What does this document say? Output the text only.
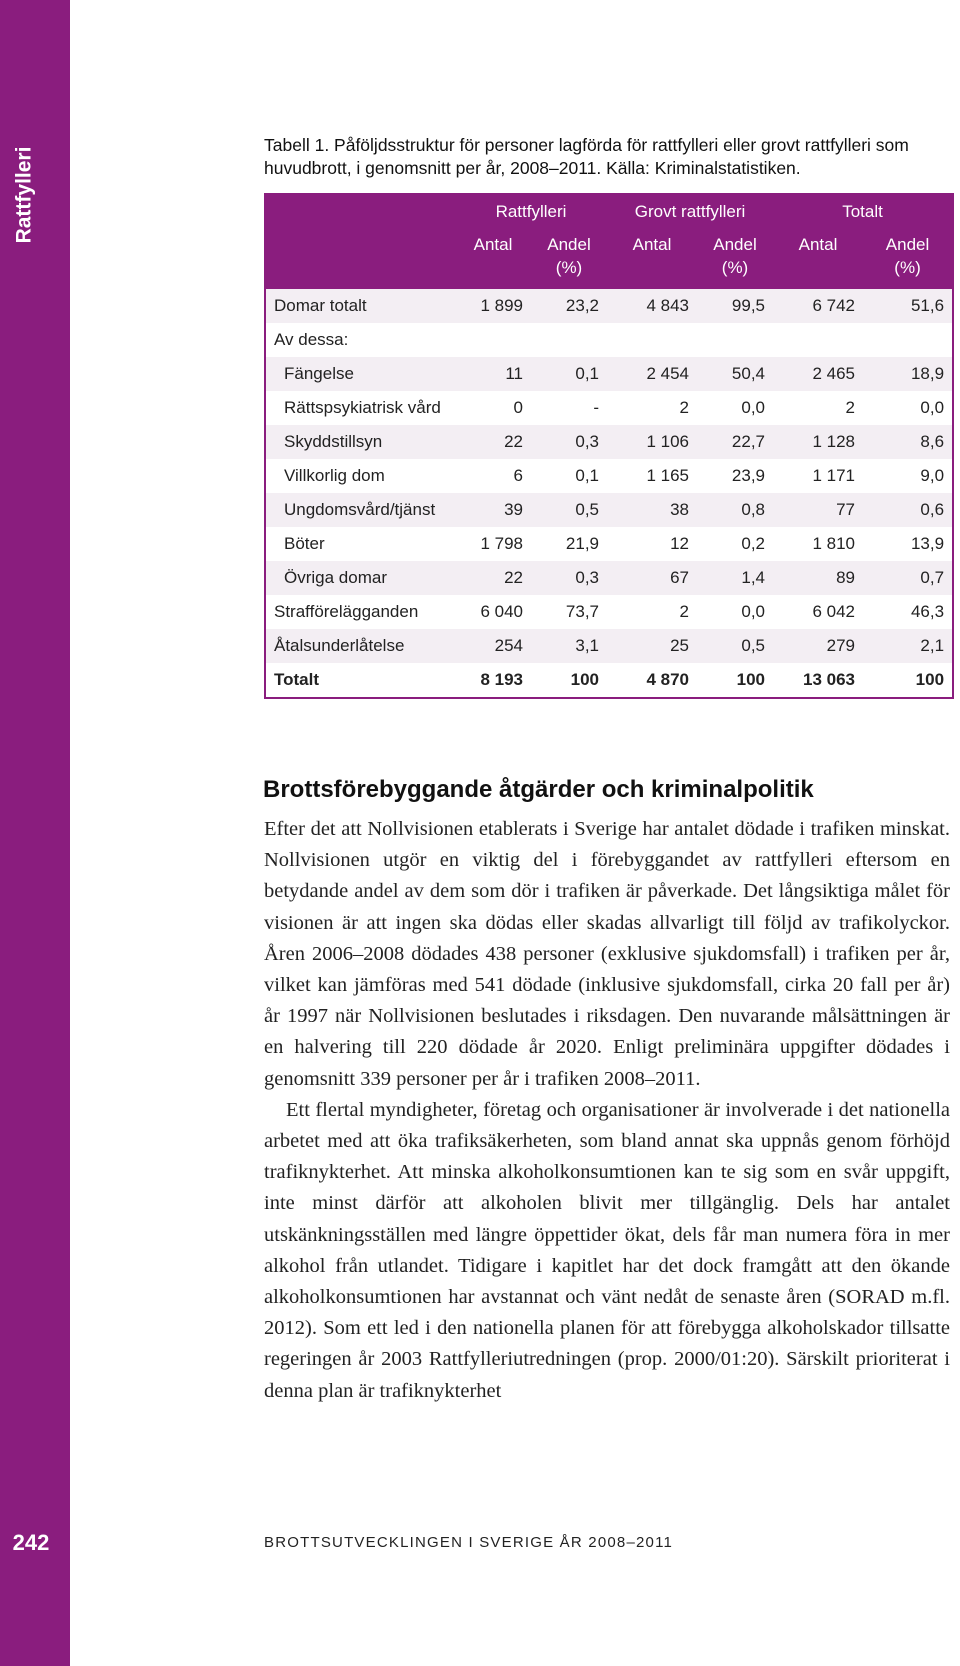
Rattfylleri
242
Tabell 1. Påföljdsstruktur för personer lagförda för rattfylleri eller grovt rattfylleri som huvudbrott, i genomsnitt per år, 2008–2011. Källa: Kriminalstatistiken.
	Rattfylleri		Grovt rattfylleri		Totalt	
	Antal	Andel (%)	Antal	Andel (%)	Antal	Andel (%)
Domar totalt	1 899	23,2	4 843	99,5	6 742	51,6
Av dessa:						
Fängelse	11	0,1	2 454	50,4	2 465	18,9
Rättspsykiatrisk vård	0	-	2	0,0	2	0,0
Skyddstillsyn	22	0,3	1 106	22,7	1 128	8,6
Villkorlig dom	6	0,1	1 165	23,9	1 171	9,0
Ungdomsvård/tjänst	39	0,5	38	0,8	77	0,6
Böter	1 798	21,9	12	0,2	1 810	13,9
Övriga domar	22	0,3	67	1,4	89	0,7
Strafförelägganden	6 040	73,7	2	0,0	6 042	46,3
Åtalsunderlåtelse	254	3,1	25	0,5	279	2,1
Totalt	8 193	100	4 870	100	13 063	100
Brottsförebyggande åtgärder och kriminalpolitik

Efter det att Nollvisionen etablerats i Sverige har antalet dödade i trafiken minskat. Nollvisionen utgör en viktig del i förebyggandet av rattfylleri eftersom en betydande andel av dem som dör i trafiken är påverkade. Det långsiktiga målet för visionen är att ingen ska dödas eller skadas allvarligt till följd av trafikolyckor. Åren 2006–2008 dödades 438 personer (exklusive sjukdomsfall) i trafiken per år, vilket kan jämföras med 541 dödade (inklusive sjukdomsfall, cirka 20 fall per år) år 1997 när Nollvisionen beslutades i riksdagen. Den nuvarande målsättningen är en halvering till 220 dödade år 2020. Enligt preliminära uppgifter dödades i genomsnitt 339 personer per år i trafiken 2008–2011.

Ett flertal myndigheter, företag och organisationer är involverade i det nationella arbetet med att öka trafiksäkerheten, som bland annat ska uppnås genom förhöjd trafiknykterhet. Att minska alkoholkonsumtionen kan te sig som en svår uppgift, inte minst därför att alkoholen blivit mer tillgänglig. Dels har antalet utskänkningsställen med längre öppettider ökat, dels får man numera föra in mer alkohol från utlandet. Tidigare i kapitlet har det dock framgått att den ökande alkoholkonsumtionen har avstannat och vänt nedåt de senaste åren (SORAD m.fl. 2012). Som ett led i den nationella planen för att förebygga alkoholskador tillsatte regeringen år 2003 Rattfylleriutredningen (prop. 2000/01:20). Särskilt prioriterat i denna plan är trafiknykterhet

BROTTSUTVECKLINGEN I SVERIGE ÅR 2008–2011
